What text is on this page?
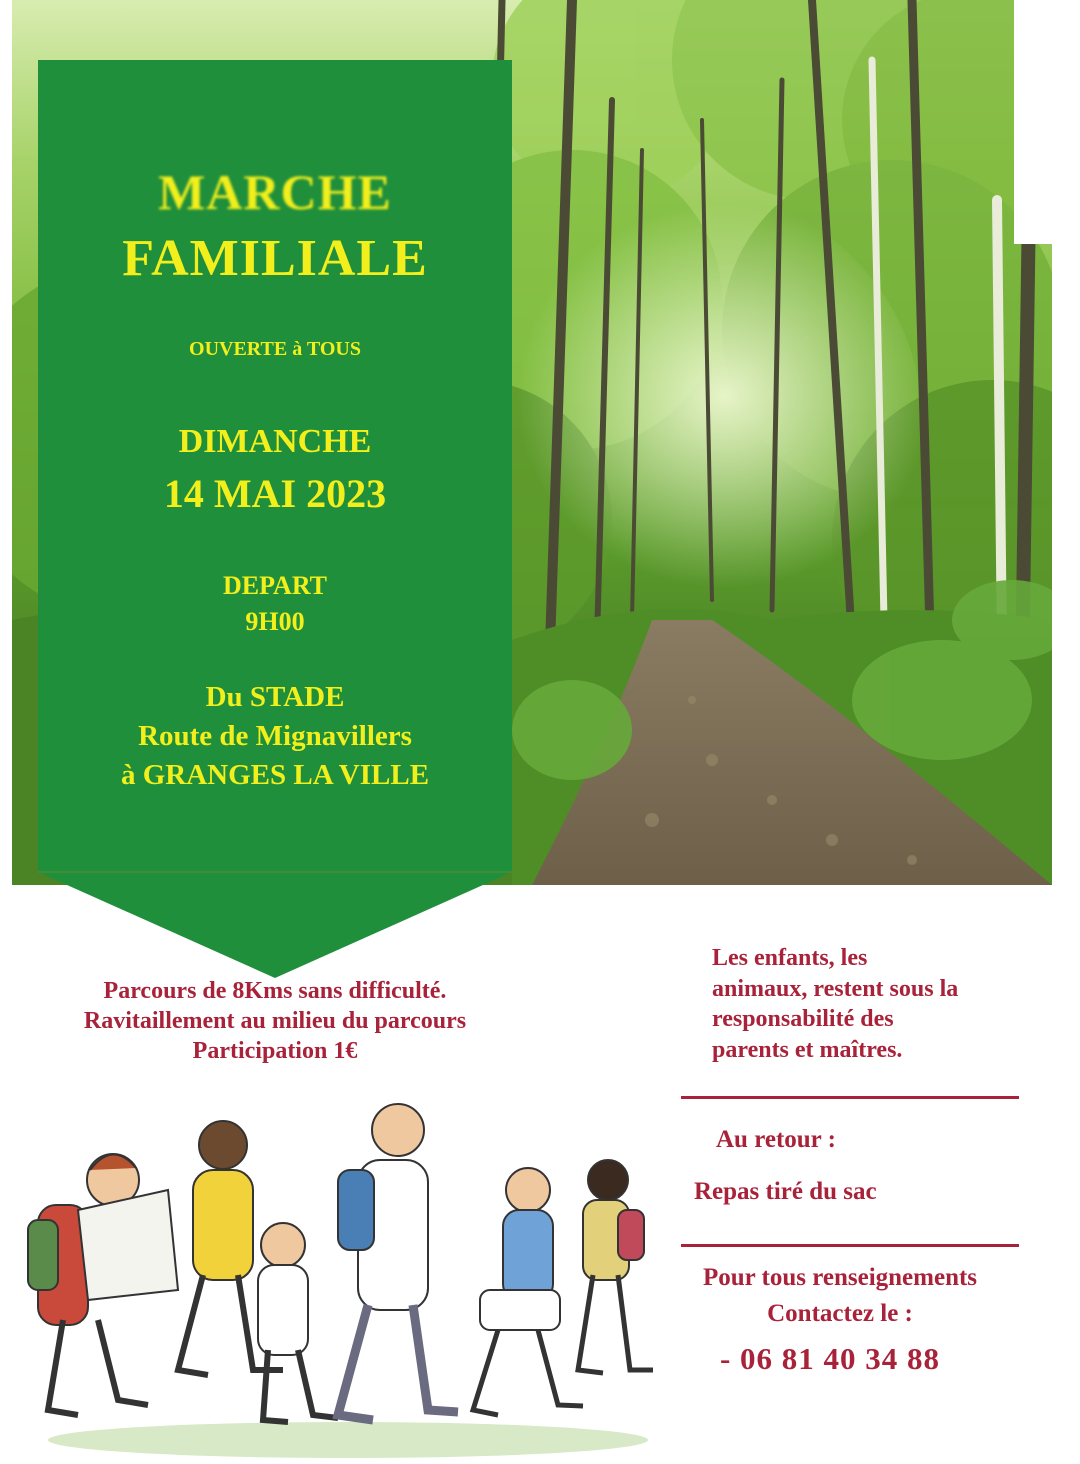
MARCHE

FAMILIALE

OUVERTE à TOUS

DIMANCHE

14 MAI 2023

DEPART

9H00

Du STADE

Route de Mignavillers

à GRANGES LA VILLE

Parcours de 8Kms sans difficulté.
Ravitaillement au milieu du parcours
Participation 1€
Les enfants, les
animaux, restent sous la
responsabilité des
parents et maîtres.

Au retour :

Repas tiré du sac

Pour tous renseignements

Contactez le :

- 06 81 40 34 88
